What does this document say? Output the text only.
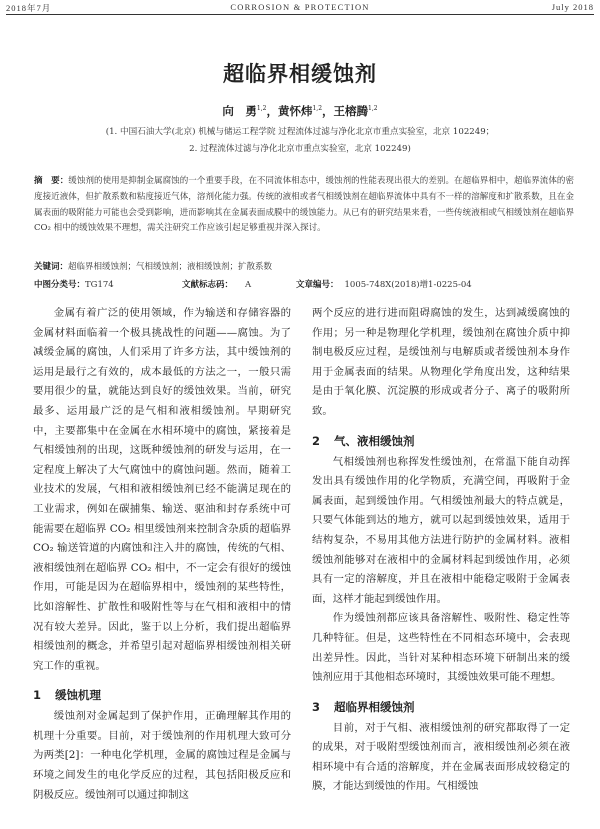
2018年7月	CORROSION & PROTECTION	July 2018
超临界相缓蚀剂
向　勇$^{1,2}$，黄怀炜$^{1,2}$，王榕腾$^{1,2}$
(1. 中国石油大学(北京) 机械与储运工程学院 过程流体过滤与净化北京市重点实验室，北京 102249；
2. 过程流体过滤与净化北京市重点实验室，北京 102249)
摘　要：缓蚀剂的使用是抑制金属腐蚀的一个重要手段，在不同流体相态中，缓蚀剂的性能表现出很大的差别。在超临界相中，超临界流体的密度接近液体，但扩散系数和粘度接近气体，溶剂化能力强。传统的液相或者气相缓蚀剂在超临界流体中具有不一样的溶解度和扩散系数，且在金属表面的吸附能力可能也会受到影响，进而影响其在金属表面成膜中的缓蚀能力。从已有的研究结果来看，一些传统液相或气相缓蚀剂在超临界 CO₂ 相中的缓蚀效果不理想，需关注研究工作应该引起足够重视并深入探讨。
关键词：超临界相缓蚀剂；气相缓蚀剂；液相缓蚀剂；扩散系数
中图分类号：TG174	文献标志码： A	文章编号： 1005-748X(2018)增1-0225-04

金属有着广泛的使用领域，作为输送和存储容器的金属材料面临着一个极具挑战性的问题——腐蚀。为了减缓金属的腐蚀，人们采用了许多方法，其中缓蚀剂的运用是最行之有效的，成本最低的方法之一，一般只需要用很少的量，就能达到良好的缓蚀效果。当前，研究最多、运用最广泛的是气相和液相缓蚀剂。早期研究中，主要都集中在金属在水相环境中的腐蚀，紧接着是气相缓蚀剂的出现，这既种缓蚀剂的研发与运用，在一定程度上解决了大气腐蚀中的腐蚀问题。然而，随着工业技术的发展，气相和液相缓蚀剂已经不能满足现在的工业需求，例如在碳捕集、输送、驱油和封存系统中可能需要在超临界 CO₂ 相里缓蚀剂来控制含杂质的超临界 CO₂ 输送管道的内腐蚀和注入井的腐蚀，传统的气相、液相缓蚀剂在超临界 CO₂ 相中，不一定会有很好的缓蚀作用，可能是因为在超临界相中，缓蚀剂的某些特性，比如溶解性、扩散性和吸附性等与在气相和液相中的情况有较大差异。因此，鉴于以上分析，我们提出超临界相缓蚀剂的概念，并希望引起对超临界相缓蚀剂相关研究工作的重视。

1 缓蚀机理

缓蚀剂对金属起到了保护作用，正确理解其作用的机理十分重要。目前，对于缓蚀剂的作用机理大致可分为两类[2]：一种电化学机理，金属的腐蚀过程是金属与环境之间发生的电化学反应的过程，其包括阳极反应和阴极反应。缓蚀剂可以通过抑制这

两个反应的进行进而阻碍腐蚀的发生，达到减缓腐蚀的作用；另一种是物理化学机理，缓蚀剂在腐蚀介质中抑制电极反应过程，是缓蚀剂与电解质或者缓蚀剂本身作用于金属表面的结果。从物理化学角度出发，这种结果是由于氧化膜、沉淀膜的形成或者分子、离子的吸附所致。

2 气、液相缓蚀剂

气相缓蚀剂也称挥发性缓蚀剂，在常温下能自动挥发出具有缓蚀作用的化学物质，充满空间，再吸附于金属表面，起到缓蚀作用。气相缓蚀剂最大的特点就是，只要气体能到达的地方，就可以起到缓蚀效果，适用于结构复杂，不易用其他方法进行防护的金属材料。液相缓蚀剂能够对在液相中的金属材料起到缓蚀作用，必须具有一定的溶解度，并且在液相中能稳定吸附于金属表面，这样才能起到缓蚀作用。

作为缓蚀剂都应该具备溶解性、吸附性、稳定性等几种特征。但是，这些特性在不同相态环境中，会表现出差异性。因此，当针对某种相态环境下研制出来的缓蚀剂应用于其他相态环境时，其缓蚀效果可能不理想。

3 超临界相缓蚀剂

目前，对于气相、液相缓蚀剂的研究都取得了一定的成果，对于吸附型缓蚀剂而言，液相缓蚀剂必须在液相环境中有合适的溶解度，并在金属表面形成较稳定的膜，才能达到缓蚀的作用。气相缓蚀
